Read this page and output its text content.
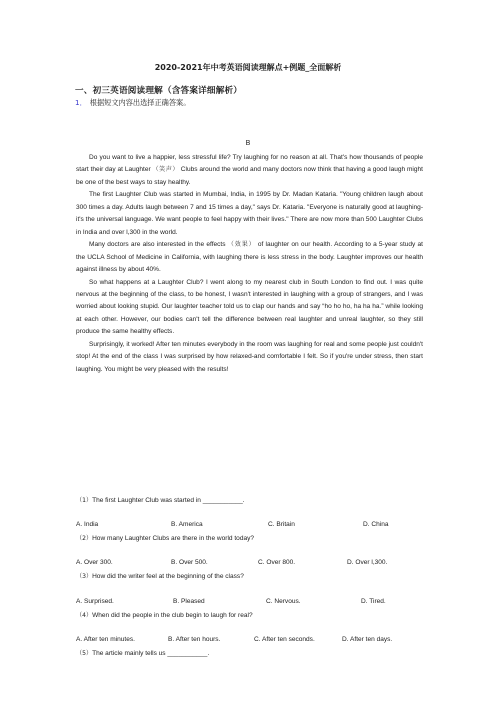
2020-2021年中考英语阅读理解点+例题_全面解析
一、初三英语阅读理解（含答案详细解析）
1． 根据短文内容出选择正确答案。
B

Do you want to live a happier, less stressful life? Try laughing for no reason at all. That's how thousands of people start their day at Laughter （笑声） Clubs around the world and many doctors now think that having a good laugh might be one of the best ways to stay healthy.

The first Laughter Club was started in Mumbai, India, in 1995 by Dr. Madan Kataria. "Young children laugh about 300 times a day. Adults laugh between 7 and 15 times a day," says Dr. Kataria. "Everyone is naturally good at laughing-it's the universal language. We want people to feel happy with their lives." There are now more than 500 Laughter Clubs in India and over l,300 in the world.

Many doctors are also interested in the effects （效果） of laughter on our health. According to a 5-year study at the UCLA School of Medicine in California, with laughing there is less stress in the body. Laughter improves our health against illness by about 40%.

So what happens at a Laughter Club? I went along to my nearest club in South London to find out. I was quite nervous at the beginning of the class, to be honest, I wasn't interested in laughing with a group of strangers, and I was worried about looking stupid. Our laughter teacher told us to clap our hands and say “ho ho ho, ha ha ha.” while looking at each other. However, our bodies can't tell the difference between real laughter and unreal laughter, so they still produce the same healthy effects.

Surprisingly, it worked! After ten minutes everybody in the room was laughing for real and some people just couldn't stop! At the end of the class I was surprised by how relaxed-and comfortable I felt. So if you're under stress, then start laughing. You might be very pleased with the results!

（1）The first Laughter Club was started in ___________.
A. India	B. America	C. Britain	D. China
（2）How many Laughter Clubs are there in the world today?
A. Over 300.	B. Over 500.	C. Over 800.	D. Over l,300.
（3）How did the writer feel at the beginning of the class?
A. Surprised.	B. Pleased	C. Nervous.	D. Tired.
（4）When did the people in the club begin to laugh for real?
A. After ten minutes.	B. After ten hours.	C. After ten seconds.	D. After ten days.
（5）The article mainly tells us ___________.
